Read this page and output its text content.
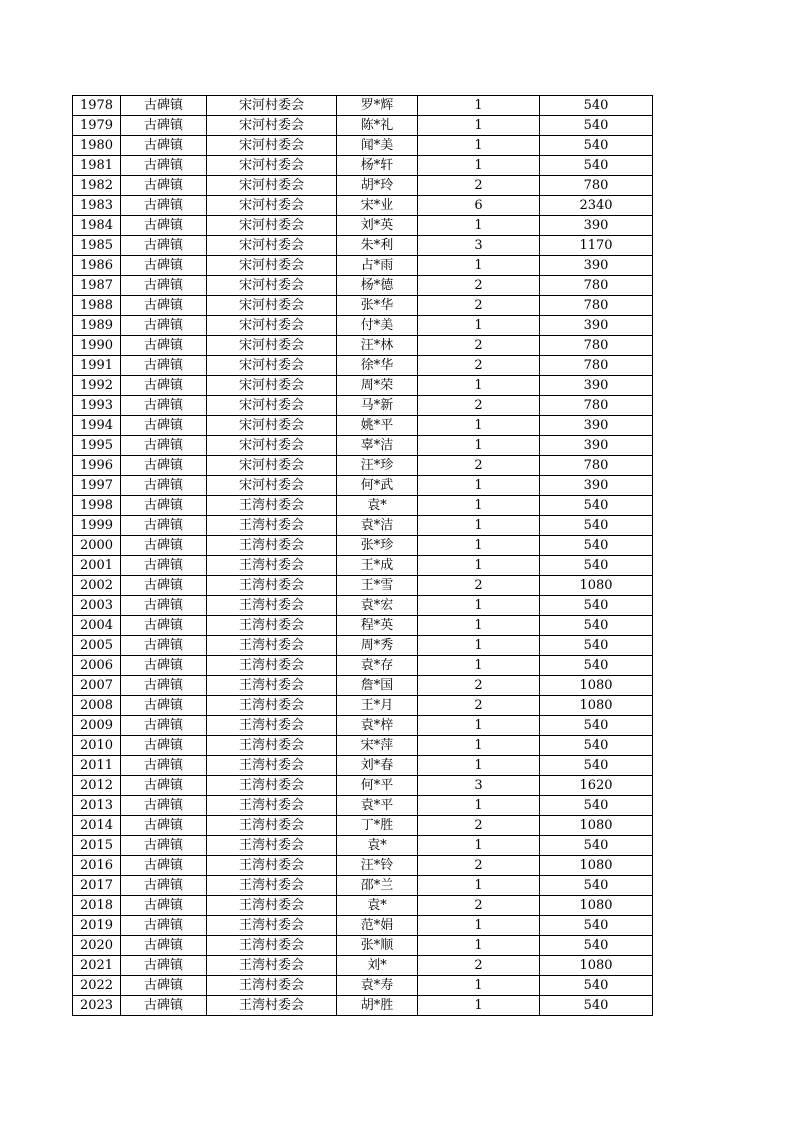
1978	古碑镇	宋河村委会	罗*辉	1	540
1979	古碑镇	宋河村委会	陈*礼	1	540
1980	古碑镇	宋河村委会	闻*美	1	540
1981	古碑镇	宋河村委会	杨*轩	1	540
1982	古碑镇	宋河村委会	胡*玲	2	780
1983	古碑镇	宋河村委会	宋*业	6	2340
1984	古碑镇	宋河村委会	刘*英	1	390
1985	古碑镇	宋河村委会	朱*利	3	1170
1986	古碑镇	宋河村委会	占*雨	1	390
1987	古碑镇	宋河村委会	杨*德	2	780
1988	古碑镇	宋河村委会	张*华	2	780
1989	古碑镇	宋河村委会	付*美	1	390
1990	古碑镇	宋河村委会	汪*林	2	780
1991	古碑镇	宋河村委会	徐*华	2	780
1992	古碑镇	宋河村委会	周*荣	1	390
1993	古碑镇	宋河村委会	马*新	2	780
1994	古碑镇	宋河村委会	姚*平	1	390
1995	古碑镇	宋河村委会	辜*洁	1	390
1996	古碑镇	宋河村委会	汪*珍	2	780
1997	古碑镇	宋河村委会	何*武	1	390
1998	古碑镇	王湾村委会	袁*	1	540
1999	古碑镇	王湾村委会	袁*洁	1	540
2000	古碑镇	王湾村委会	张*珍	1	540
2001	古碑镇	王湾村委会	王*成	1	540
2002	古碑镇	王湾村委会	王*雪	2	1080
2003	古碑镇	王湾村委会	袁*宏	1	540
2004	古碑镇	王湾村委会	程*英	1	540
2005	古碑镇	王湾村委会	周*秀	1	540
2006	古碑镇	王湾村委会	袁*存	1	540
2007	古碑镇	王湾村委会	詹*国	2	1080
2008	古碑镇	王湾村委会	王*月	2	1080
2009	古碑镇	王湾村委会	袁*梓	1	540
2010	古碑镇	王湾村委会	宋*萍	1	540
2011	古碑镇	王湾村委会	刘*春	1	540
2012	古碑镇	王湾村委会	何*平	3	1620
2013	古碑镇	王湾村委会	袁*平	1	540
2014	古碑镇	王湾村委会	丁*胜	2	1080
2015	古碑镇	王湾村委会	袁*	1	540
2016	古碑镇	王湾村委会	汪*铃	2	1080
2017	古碑镇	王湾村委会	邵*兰	1	540
2018	古碑镇	王湾村委会	袁*	2	1080
2019	古碑镇	王湾村委会	范*娟	1	540
2020	古碑镇	王湾村委会	张*顺	1	540
2021	古碑镇	王湾村委会	刘*	2	1080
2022	古碑镇	王湾村委会	袁*寿	1	540
2023	古碑镇	王湾村委会	胡*胜	1	540
